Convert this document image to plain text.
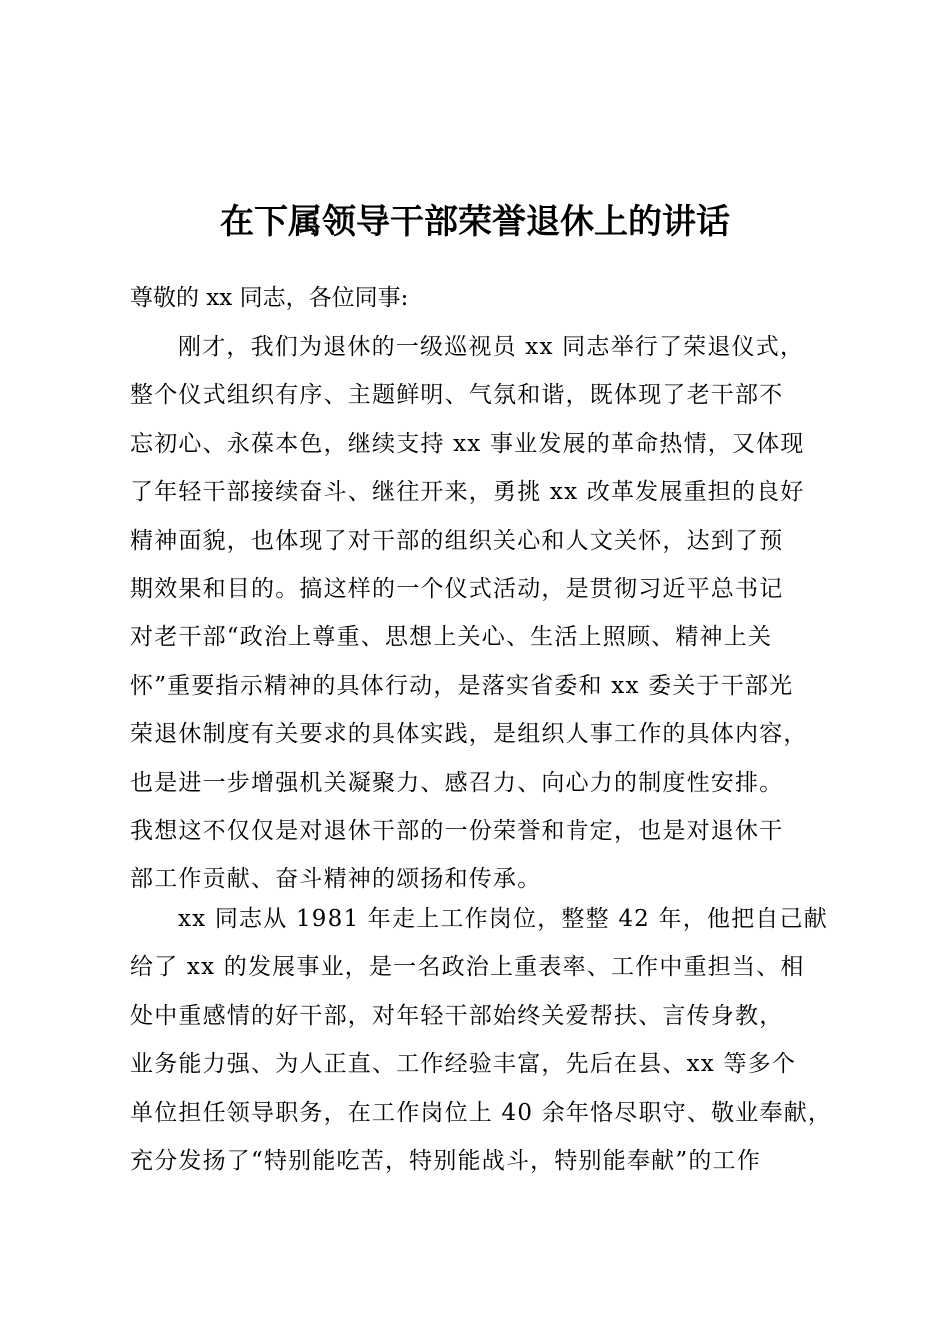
在下属领导干部荣誉退休上的讲话

尊敬的 xx 同志，各位同事:

刚才，我们为退休的一级巡视员 xx 同志举行了荣退仪式，
整个仪式组织有序、主题鲜明、气氛和谐，既体现了老干部不
忘初心、永葆本色，继续支持 xx 事业发展的革命热情，又体现
了年轻干部接续奋斗、继往开来，勇挑 xx 改革发展重担的良好
精神面貌，也体现了对干部的组织关心和人文关怀，达到了预
期效果和目的。搞这样的一个仪式活动，是贯彻习近平总书记
对老干部“政治上尊重、思想上关心、生活上照顾、精神上关
怀”重要指示精神的具体行动，是落实省委和 xx 委关于干部光
荣退休制度有关要求的具体实践，是组织人事工作的具体内容，
也是进一步增强机关凝聚力、感召力、向心力的制度性安排。
我想这不仅仅是对退休干部的一份荣誉和肯定，也是对退休干
部工作贡献、奋斗精神的颂扬和传承。
xx 同志从 1981 年走上工作岗位，整整 42 年，他把自己献
给了 xx 的发展事业，是一名政治上重表率、工作中重担当、相
处中重感情的好干部，对年轻干部始终关爱帮扶、言传身教，
业务能力强、为人正直、工作经验丰富，先后在县、xx 等多个
单位担任领导职务，在工作岗位上 40 余年恪尽职守、敬业奉献，
充分发扬了“特别能吃苦，特别能战斗，特别能奉献”的工作
